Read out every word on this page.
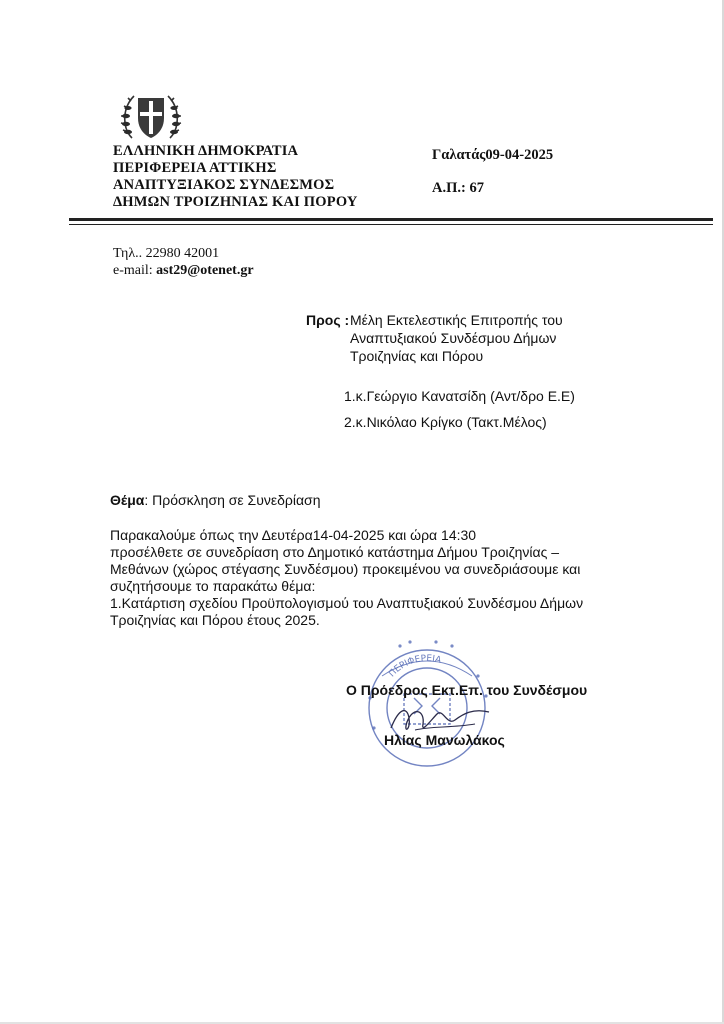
ΕΛΛΗΝΙΚΗ ΔΗΜΟΚΡΑΤΙΑ
ΠΕΡΙΦΕΡΕΙΑ ΑΤΤΙΚΗΣ
ΑΝΑΠΤΥΞΙΑΚΟΣ ΣΥΝΔΕΣΜΟΣ
ΔΗΜΩΝ ΤΡΟΙΖΗΝΙΑΣ ΚΑΙ ΠΟΡΟΥ
Γαλατάς09-04-2025
Α.Π.: 67
Τηλ.. 22980 42001
e-mail: ast29@otenet.gr
Προς : Μέλη Εκτελεστικής Επιτροπής του
Αναπτυξιακού Συνδέσμου Δήμων
Τροιζηνίας και Πόρου
1.κ.Γεώργιο Κανατσίδη (Αντ/δρο Ε.Ε)
2.κ.Νικόλαο Κρίγκο (Τακτ.Μέλος)
Θέμα: Πρόσκληση σε Συνεδρίαση
Παρακαλούμε όπως την Δευτέρα14-04-2025 και ώρα 14:30
προσέλθετε σε συνεδρίαση στο Δημοτικό κατάστημα Δήμου Τροιζηνίας –
Μεθάνων (χώρος στέγασης Συνδέσμου) προκειμένου να συνεδριάσουμε και
συζητήσουμε το παρακάτω θέμα:
1.Κατάρτιση σχεδίου Προϋπολογισμού του Αναπτυξιακού Συνδέσμου Δήμων
Τροιζηνίας και Πόρου έτους 2025.
ΠΕΡΙΦΕΡΕΙΑ
Ο Πρόεδρος Εκτ.Επ. του Συνδέσμου
Ηλίας Μανωλάκος
